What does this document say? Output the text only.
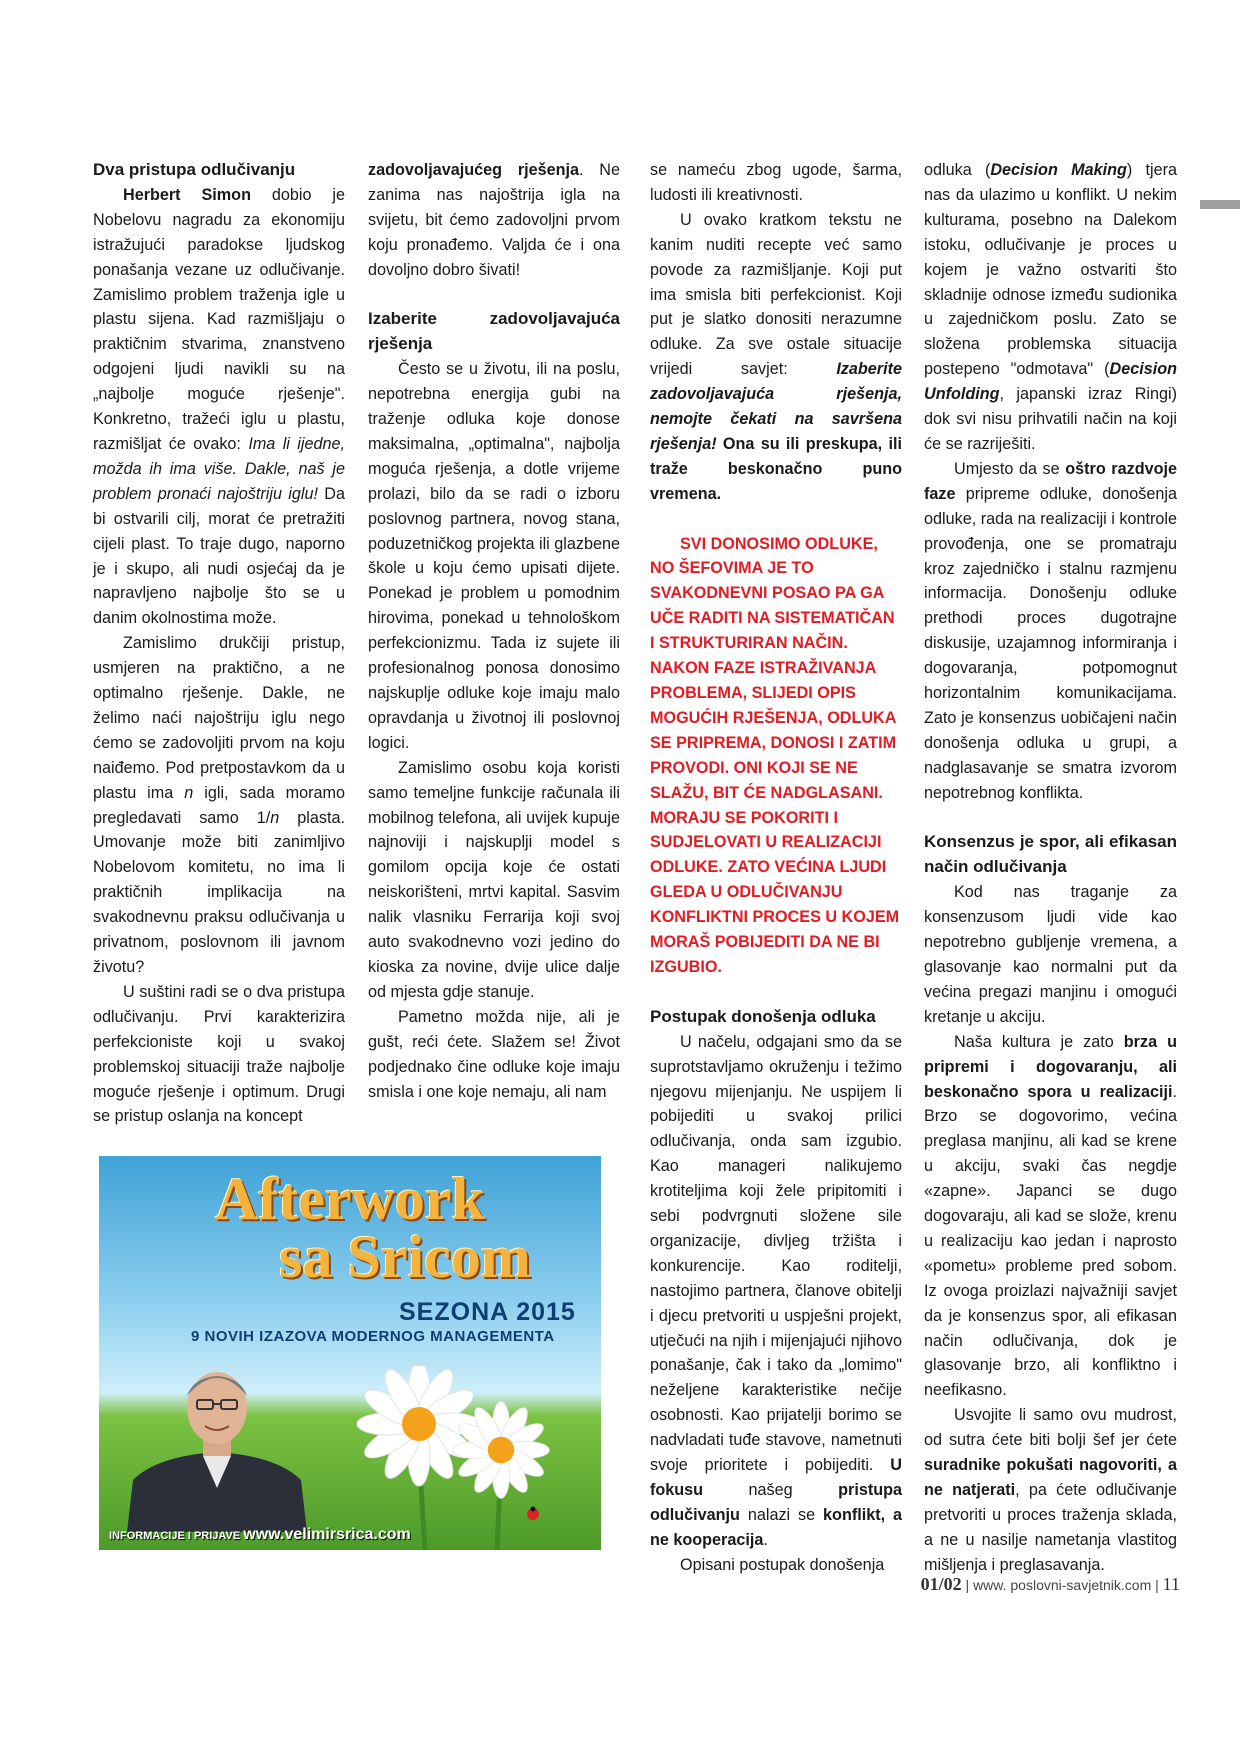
Dva pristupa odlučivanju

Herbert Simon dobio je Nobelovu nagradu za ekonomiju istražujući paradokse ljudskog ponašanja vezane uz odlučivanje. Zamislimo problem traženja igle u plastu sijena. Kad razmišljaju o praktičnim stvarima, znanstveno odgojeni ljudi navikli su na „najbolje moguće rješenje". Konkretno, tražeći iglu u plastu, razmišljat će ovako: Ima li ijedne, možda ih ima više. Dakle, naš je problem pronaći najoštriju iglu! Da bi ostvarili cilj, morat će pretražiti cijeli plast. To traje dugo, naporno je i skupo, ali nudi osjećaj da je napravljeno najbolje što se u danim okolnostima može.

Zamislimo drukčiji pristup, usmjeren na praktično, a ne optimalno rješenje. Dakle, ne želimo naći najoštriju iglu nego ćemo se zadovoljiti prvom na koju naiđemo. Pod pretpostavkom da u plastu ima n igli, sada moramo pregledavati samo 1/n plasta. Umovanje može biti zanimljivo Nobelovom komitetu, no ima li praktičnih implikacija na svakodnevnu praksu odlučivanja u privatnom, poslovnom ili javnom životu?

U suštini radi se o dva pristupa odlučivanju. Prvi karakterizira perfekcioniste koji u svakoj problemskoj situaciji traže najbolje moguće rješenje i optimum. Drugi se pristup oslanja na koncept

zadovoljavajućeg rješenja. Ne zanima nas najoštrija igla na svijetu, bit ćemo zadovoljni prvom koju pronađemo. Valjda će i ona dovoljno dobro šivati!

Izaberite zadovoljavajuća rješenja

Često se u životu, ili na poslu, nepotrebna energija gubi na traženje odluka koje donose maksimalna, „optimalna", najbolja moguća rješenja, a dotle vrijeme prolazi, bilo da se radi o izboru poslovnog partnera, novog stana, poduzetničkog projekta ili glazbene škole u koju ćemo upisati dijete. Ponekad je problem u pomodnim hirovima, ponekad u tehnološkom perfekcionizmu. Tada iz sujete ili profesionalnog ponosa donosimo najskuplje odluke koje imaju malo opravdanja u životnoj ili poslovnoj logici.

Zamislimo osobu koja koristi samo temeljne funkcije računala ili mobilnog telefona, ali uvijek kupuje najnoviji i najskuplji model s gomilom opcija koje će ostati neiskorišteni, mrtvi kapital. Sasvim nalik vlasniku Ferrarija koji svoj auto svakodnevno vozi jedino do kioska za novine, dvije ulice dalje od mjesta gdje stanuje.

Pametno možda nije, ali je gušt, reći ćete. Slažem se! Život podjednako čine odluke koje imaju smisla i one koje nemaju, ali nam

se nameću zbog ugode, šarma, ludosti ili kreativnosti.

U ovako kratkom tekstu ne kanim nuditi recepte već samo povode za razmišljanje. Koji put ima smisla biti perfekcionist. Koji put je slatko donositi nerazumne odluke. Za sve ostale situacije vrijedi savjet: Izaberite zadovoljavajuća rješenja, nemojte čekati na savršena rješenja! Ona su ili preskupa, ili traže beskonačno puno vremena.

SVI DONOSIMO ODLUKE, NO ŠEFOVIMA JE TO SVAKODNEVNI POSAO PA GA UČE RADITI NA SISTEMATIČAN I STRUKTURIRAN NAČIN. NAKON FAZE ISTRAŽIVANJA PROBLEMA, SLIJEDI OPIS MOGUĆIH RJEŠENJA, ODLUKA SE PRIPREMA, DONOSI I ZATIM PROVODI. ONI KOJI SE NE SLAŽU, BIT ĆE NADGLASANI. MORAJU SE POKORITI I SUDJELOVATI U REALIZACIJI ODLUKE. ZATO VEĆINA LJUDI GLEDA U ODLUČIVANJU KONFLIKTNI PROCES U KOJEM MORAŠ POBIJEDITI DA NE BI IZGUBIO.

Postupak donošenja odluka

U načelu, odgajani smo da se suprotstavljamo okruženju i težimo njegovu mijenjanju. Ne uspijem li pobijediti u svakoj prilici odlučivanja, onda sam izgubio. Kao manageri nalikujemo krotiteljima koji žele pripitomiti i sebi podvrgnuti složene sile organizacije, divljeg tržišta i konkurencije. Kao roditelji, nastojimo partnera, članove obitelji i djecu pretvoriti u uspješni projekt, utječući na njih i mijenjajući njihovo ponašanje, čak i tako da „lomimo" neželjene karakteristike nečije osobnosti. Kao prijatelji borimo se nadvladati tuđe stavove, nametnuti svoje prioritete i pobijediti. U fokusu našeg pristupa odlučivanju nalazi se konflikt, a ne kooperacija.

Opisani postupak donošenja

odluka (Decision Making) tjera nas da ulazimo u konflikt. U nekim kulturama, posebno na Dalekom istoku, odlučivanje je proces u kojem je važno ostvariti što skladnije odnose između sudionika u zajedničkom poslu. Zato se složena problemska situacija postepeno "odmotava" (Decision Unfolding, japanski izraz Ringi) dok svi nisu prihvatili način na koji će se razriješiti.

Umjesto da se oštro razdvoje faze pripreme odluke, donošenja odluke, rada na realizaciji i kontrole provođenja, one se promatraju kroz zajedničko i stalnu razmjenu informacija. Donošenju odluke prethodi proces dugotrajne diskusije, uzajamnog informiranja i dogovaranja, potpomognut horizontalnim komunikacijama. Zato je konsenzus uobičajeni način donošenja odluka u grupi, a nadglasavanje se smatra izvorom nepotrebnog konflikta.

Konsenzus je spor, ali efikasan način odlučivanja

Kod nas traganje za konsenzusom ljudi vide kao nepotrebno gubljenje vremena, a glasovanje kao normalni put da većina pregazi manjinu i omogući kretanje u akciju.

Naša kultura je zato brza u pripremi i dogovaranju, ali beskonačno spora u realizaciji. Brzo se dogovorimo, većina preglasa manjinu, ali kad se krene u akciju, svaki čas negdje «zapne». Japanci se dugo dogovaraju, ali kad se slože, krenu u realizaciju kao jedan i naprosto «pometu» probleme pred sobom. Iz ovoga proizlazi najvažniji savjet da je konsenzus spor, ali efikasan način odlučivanja, dok je glasovanje brzo, ali konfliktno i neefikasno.

Usvojite li samo ovu mudrost, od sutra ćete biti bolji šef jer ćete suradnike pokušati nagovoriti, a ne natjerati, pa ćete odlučivanje pretvoriti u proces traženja sklada, a ne u nasilje nametanja vlastitog mišljenja i preglasavanja.

Afterwork
sa Sricom
SEZONA 2015
9 NOVIH IZAZOVA MODERNOG MANAGEMENTA
INFORMACIJE I PRIJAVE www.velimirsrica.com
01/02 | www. poslovni-savjetnik.com | 11
